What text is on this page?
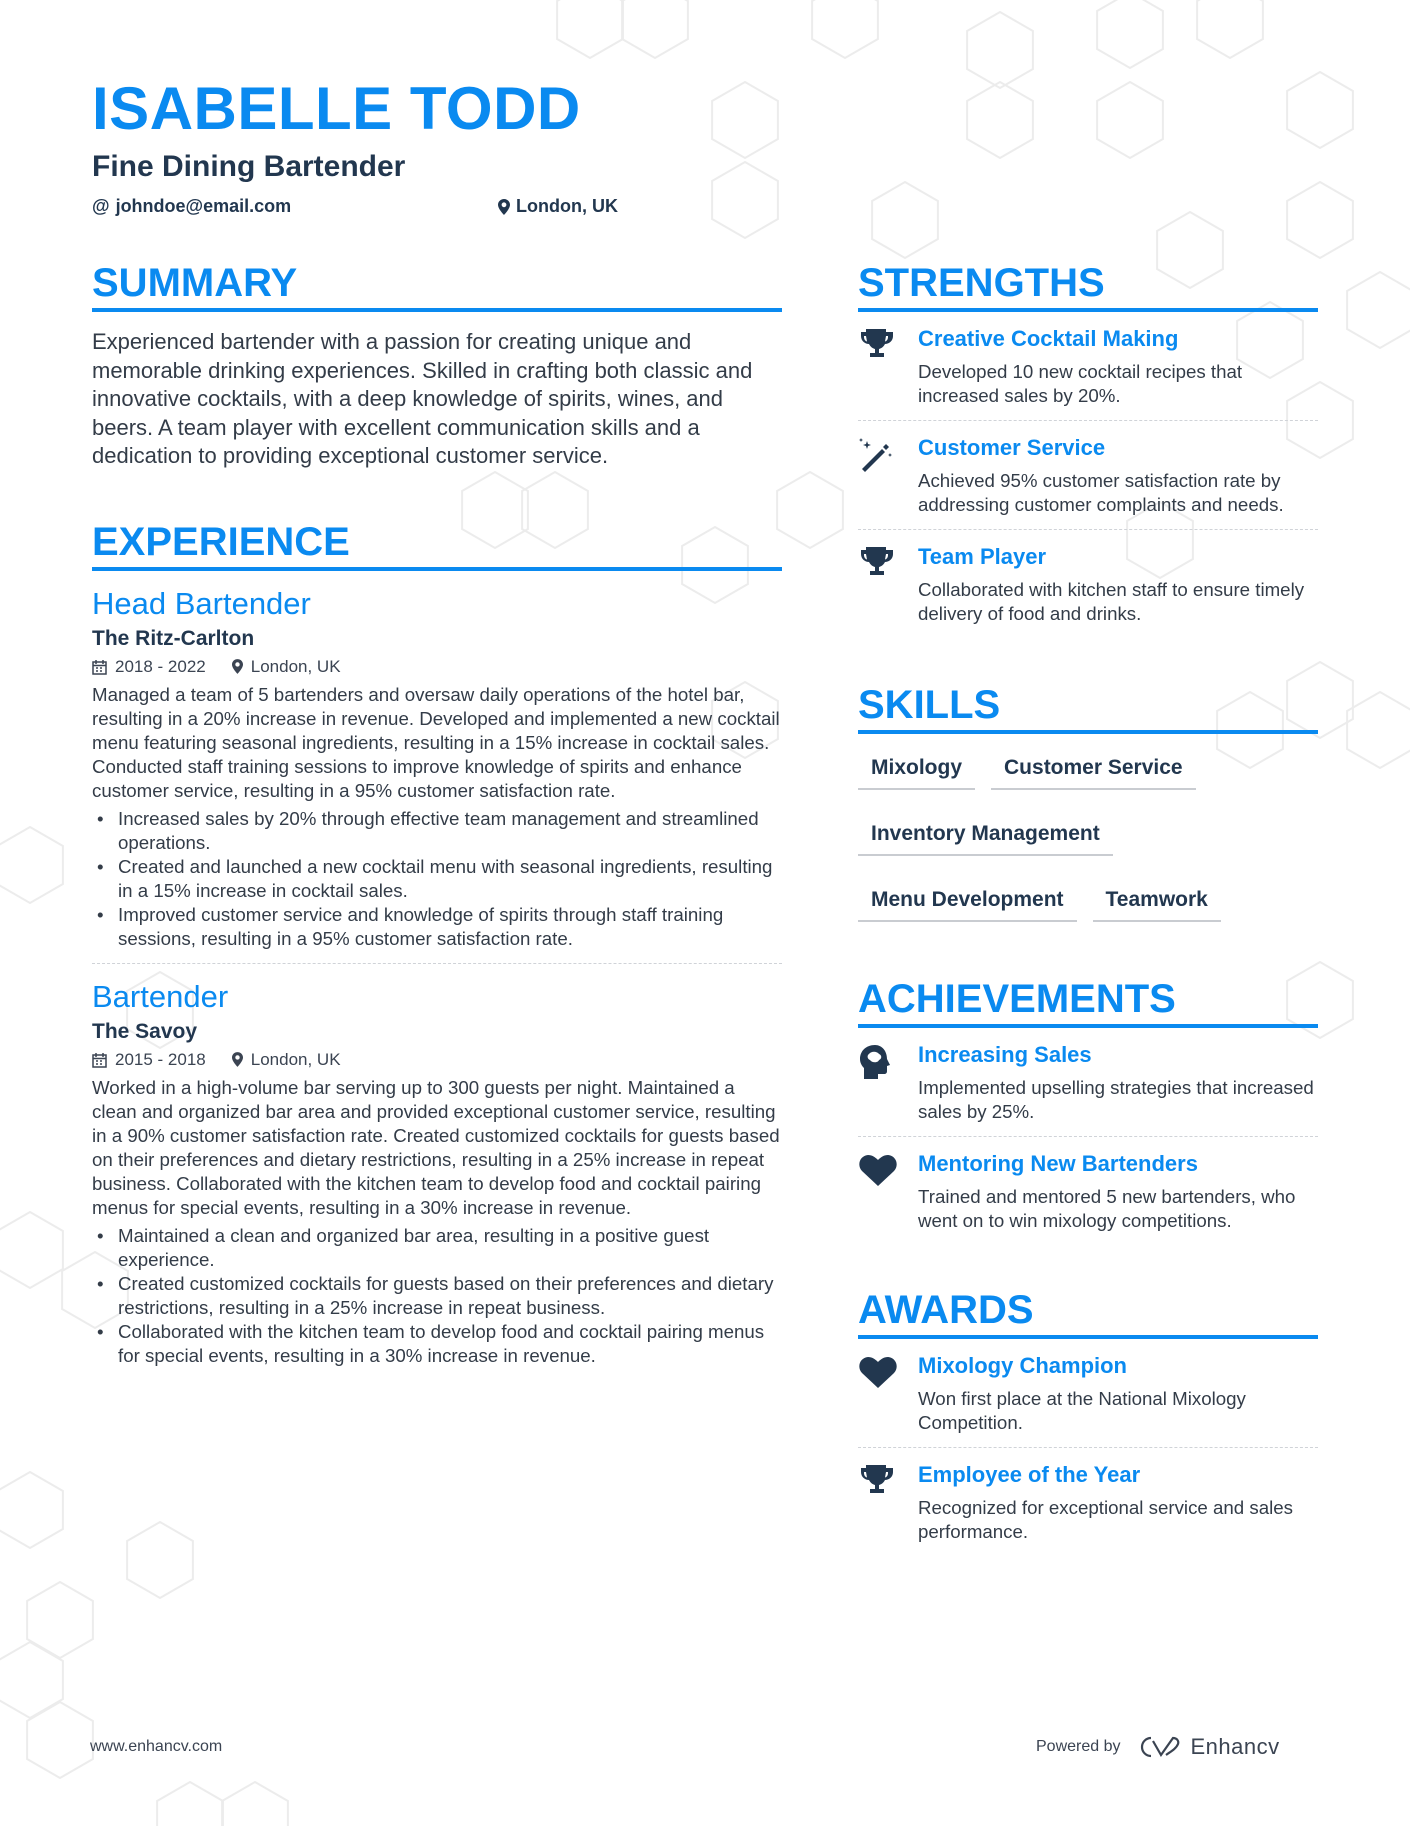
ISABELLE TODD
Fine Dining Bartender
@ johndoe@email.com	London, UK
SUMMARY

Experienced bartender with a passion for creating unique and memorable drinking experiences. Skilled in crafting both classic and innovative cocktails, with a deep knowledge of spirits, wines, and beers. A team player with excellent communication skills and a dedication to providing exceptional customer service.

EXPERIENCE
Head Bartender
The Ritz-Carlton
2018 - 2022	London, UK

Managed a team of 5 bartenders and oversaw daily operations of the hotel bar, resulting in a 20% increase in revenue. Developed and implemented a new cocktail menu featuring seasonal ingredients, resulting in a 15% increase in cocktail sales. Conducted staff training sessions to improve knowledge of spirits and enhance customer service, resulting in a 95% customer satisfaction rate.

• Increased sales by 20% through effective team management and streamlined operations.
• Created and launched a new cocktail menu with seasonal ingredients, resulting in a 15% increase in cocktail sales.
• Improved customer service and knowledge of spirits through staff training sessions, resulting in a 95% customer satisfaction rate.
Bartender
The Savoy
2015 - 2018	London, UK

Worked in a high-volume bar serving up to 300 guests per night. Maintained a clean and organized bar area and provided exceptional customer service, resulting in a 90% customer satisfaction rate. Created customized cocktails for guests based on their preferences and dietary restrictions, resulting in a 25% increase in repeat business. Collaborated with the kitchen team to develop food and cocktail pairing menus for special events, resulting in a 30% increase in revenue.

• Maintained a clean and organized bar area, resulting in a positive guest experience.
• Created customized cocktails for guests based on their preferences and dietary restrictions, resulting in a 25% increase in repeat business.
• Collaborated with the kitchen team to develop food and cocktail pairing menus for special events, resulting in a 30% increase in revenue.
STRENGTHS
Creative Cocktail Making
Developed 10 new cocktail recipes that increased sales by 20%.
Customer Service
Achieved 95% customer satisfaction rate by addressing customer complaints and needs.
Team Player
Collaborated with kitchen staff to ensure timely delivery of food and drinks.
SKILLS
Mixology	Customer Service
Inventory Management
Menu Development	Teamwork
ACHIEVEMENTS
Increasing Sales
Implemented upselling strategies that increased sales by 25%.
Mentoring New Bartenders
Trained and mentored 5 new bartenders, who went on to win mixology competitions.
AWARDS
Mixology Champion
Won first place at the National Mixology Competition.
Employee of the Year
Recognized for exceptional service and sales performance.
www.enhancv.com	Powered by	Enhancv
